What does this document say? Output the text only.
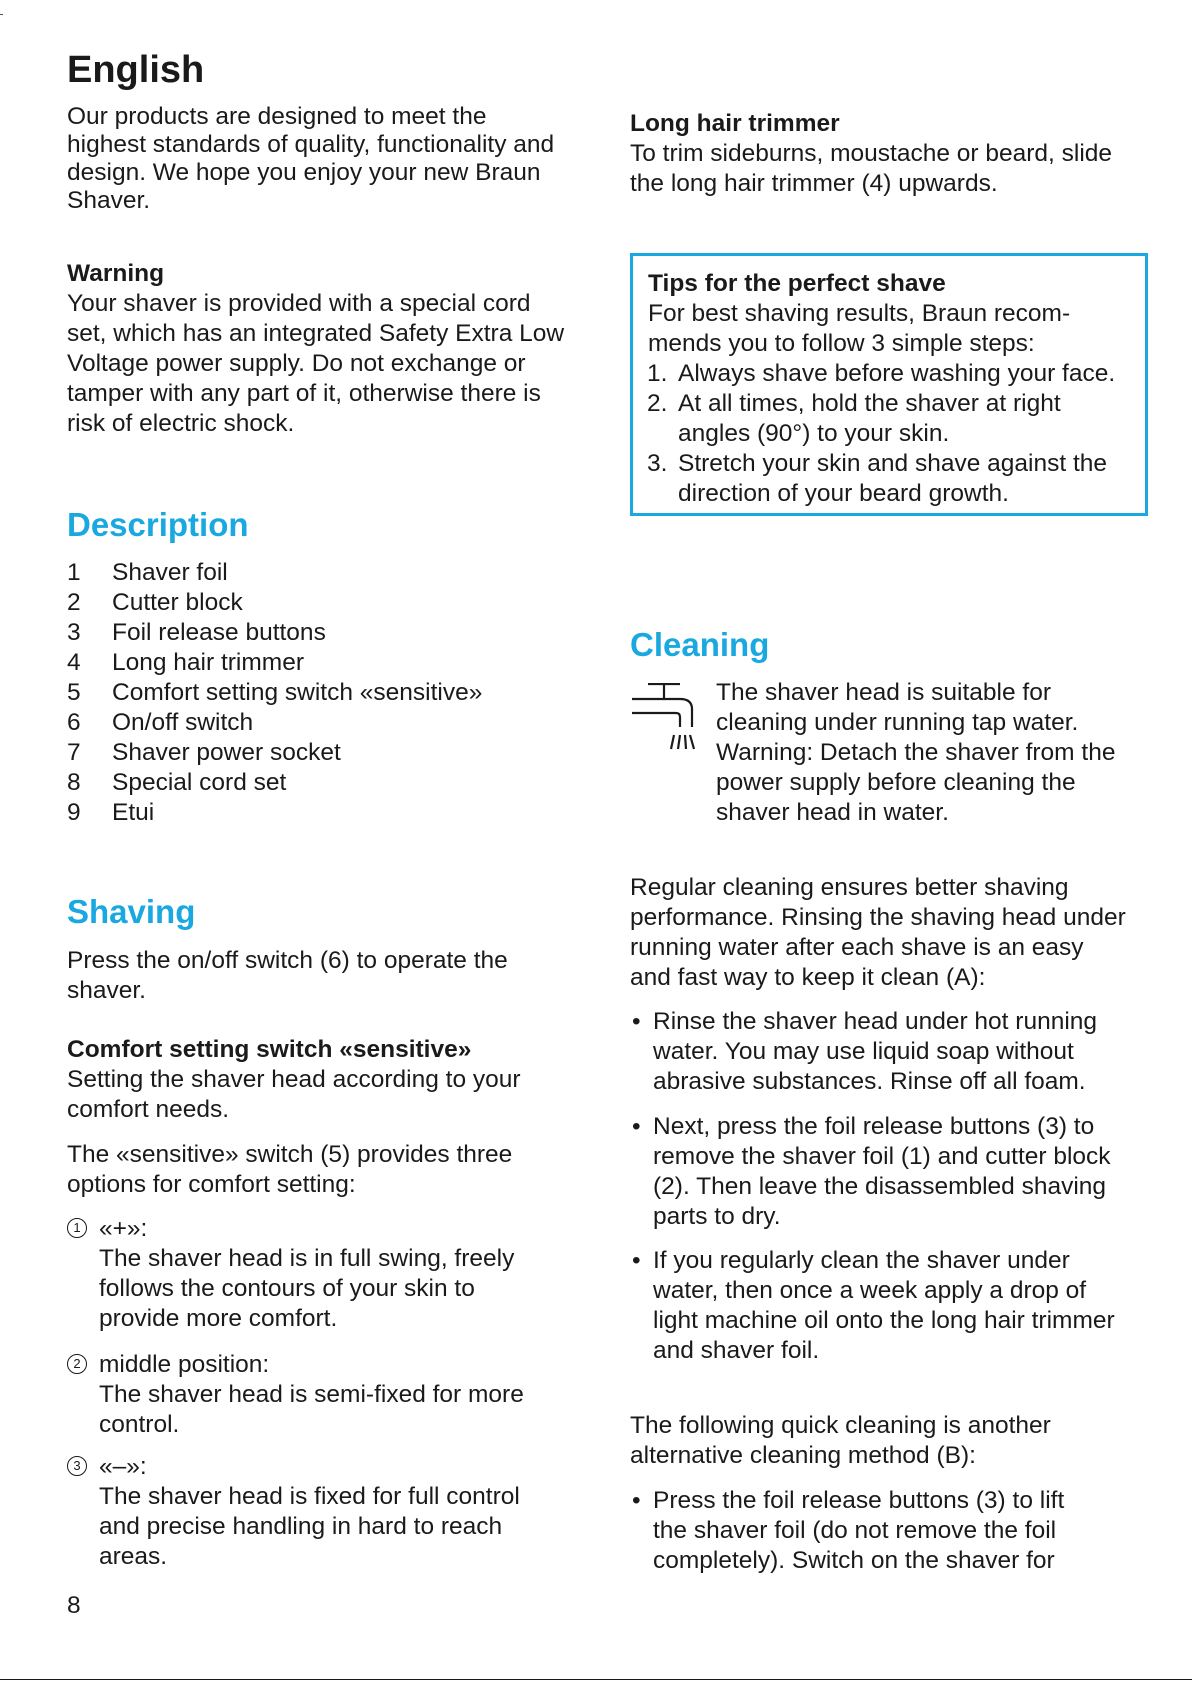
English
Our products are designed to meet the
highest standards of quality, functionality and
design. We hope you enjoy your new Braun
Shaver.
Warning
Your shaver is provided with a special cord
set, which has an integrated Safety Extra Low
Voltage power supply. Do not exchange or
tamper with any part of it, otherwise there is
risk of electric shock.
Description
1 Shaver foil
2 Cutter block
3 Foil release buttons
4 Long hair trimmer
5 Comfort setting switch «sensitive»
6 On/off switch
7 Shaver power socket
8 Special cord set
9 Etui
Shaving
Press the on/off switch (6) to operate the
shaver.
Comfort setting switch «sensitive»
Setting the shaver head according to your
comfort needs.
The «sensitive» switch (5) provides three
options for comfort setting:
1 «+»:
The shaver head is in full swing, freely
follows the contours of your skin to
provide more comfort.
2 middle position:
The shaver head is semi-fixed for more
control.
3 «–»:
The shaver head is fixed for full control
and precise handling in hard to reach
areas.
Long hair trimmer
To trim sideburns, moustache or beard, slide
the long hair trimmer (4) upwards.
Tips for the perfect shave
For best shaving results, Braun recom-
mends you to follow 3 simple steps:
1. Always shave before washing your face.
2. At all times, hold the shaver at right
angles (90°) to your skin.
3. Stretch your skin and shave against the
direction of your beard growth.
Cleaning
The shaver head is suitable for
cleaning under running tap water.
Warning: Detach the shaver from the
power supply before cleaning the
shaver head in water.
Regular cleaning ensures better shaving
performance. Rinsing the shaving head under
running water after each shave is an easy
and fast way to keep it clean (A):
• Rinse the shaver head under hot running
water. You may use liquid soap without
abrasive substances. Rinse off all foam.
• Next, press the foil release buttons (3) to
remove the shaver foil (1) and cutter block
(2). Then leave the disassembled shaving
parts to dry.
• If you regularly clean the shaver under
water, then once a week apply a drop of
light machine oil onto the long hair trimmer
and shaver foil.
The following quick cleaning is another
alternative cleaning method (B):
• Press the foil release buttons (3) to lift
the shaver foil (do not remove the foil
completely). Switch on the shaver for
8
